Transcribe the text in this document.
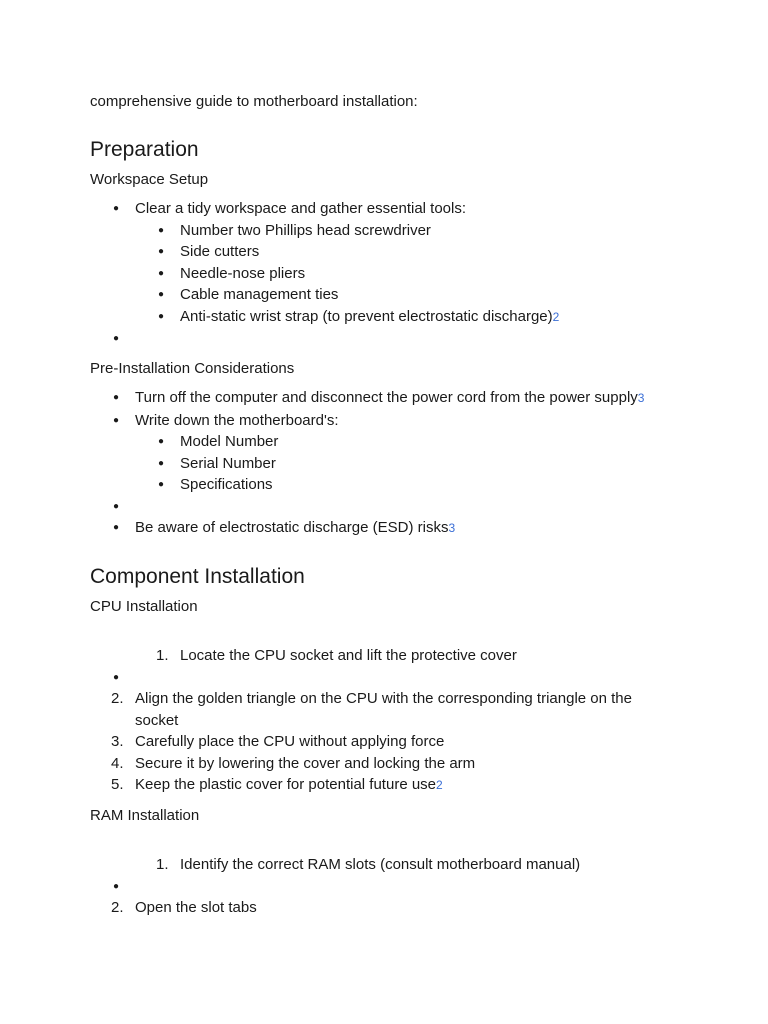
comprehensive guide to motherboard installation:

Preparation

Workspace Setup

●
Clear a tidy workspace and gather essential tools:
●
Number two Phillips head screwdriver
●
Side cutters
●
Needle-nose pliers
●
Cable management ties
●
Anti-static wrist strap (to prevent electrostatic discharge)2
●

Pre-Installation Considerations

●
Turn off the computer and disconnect the power cord from the power supply3
●
Write down the motherboard's:
●
Model Number
●
Serial Number
●
Specifications
●
●
Be aware of electrostatic discharge (ESD) risks3
Component Installation

CPU Installation

1. Locate the CPU socket and lift the protective cover
●
2. Align the golden triangle on the CPU with the corresponding triangle on the socket
3. Carefully place the CPU without applying force
4. Secure it by lowering the cover and locking the arm
5. Keep the plastic cover for potential future use2

RAM Installation

1. Identify the correct RAM slots (consult motherboard manual)
●
2. Open the slot tabs
